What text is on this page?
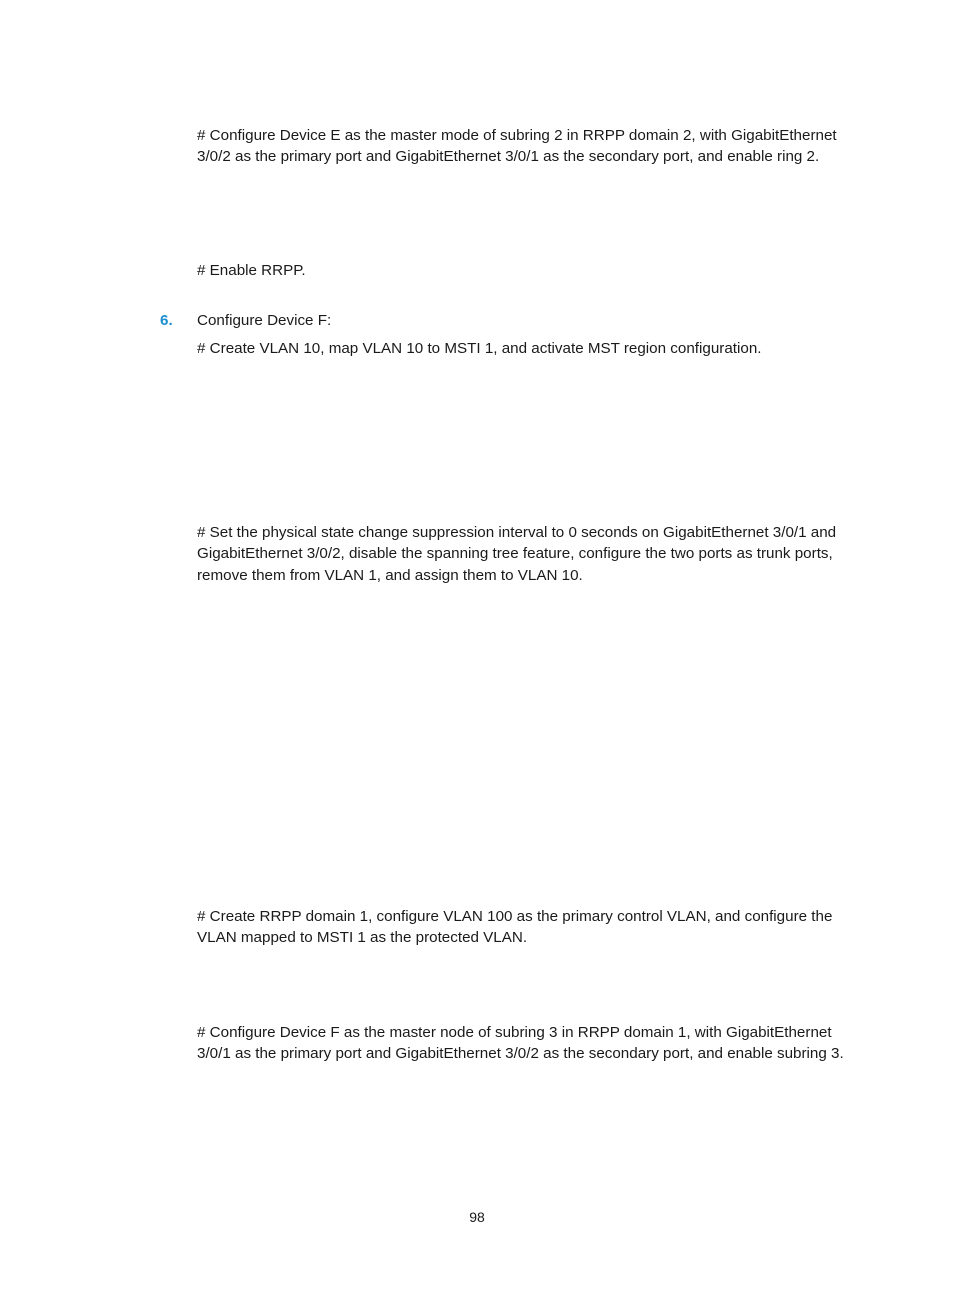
# Configure Device E as the master mode of subring 2 in RRPP domain 2, with GigabitEthernet 3/0/2 as the primary port and GigabitEthernet 3/0/1 as the secondary port, and enable ring 2.

# Enable RRPP.

6. Configure Device F:

# Create VLAN 10, map VLAN 10 to MSTI 1, and activate MST region configuration.

# Set the physical state change suppression interval to 0 seconds on GigabitEthernet 3/0/1 and GigabitEthernet 3/0/2, disable the spanning tree feature, configure the two ports as trunk ports, remove them from VLAN 1, and assign them to VLAN 10.

# Create RRPP domain 1, configure VLAN 100 as the primary control VLAN, and configure the VLAN mapped to MSTI 1 as the protected VLAN.

# Configure Device F as the master node of subring 3 in RRPP domain 1, with GigabitEthernet 3/0/1 as the primary port and GigabitEthernet 3/0/2 as the secondary port, and enable subring 3.

98
